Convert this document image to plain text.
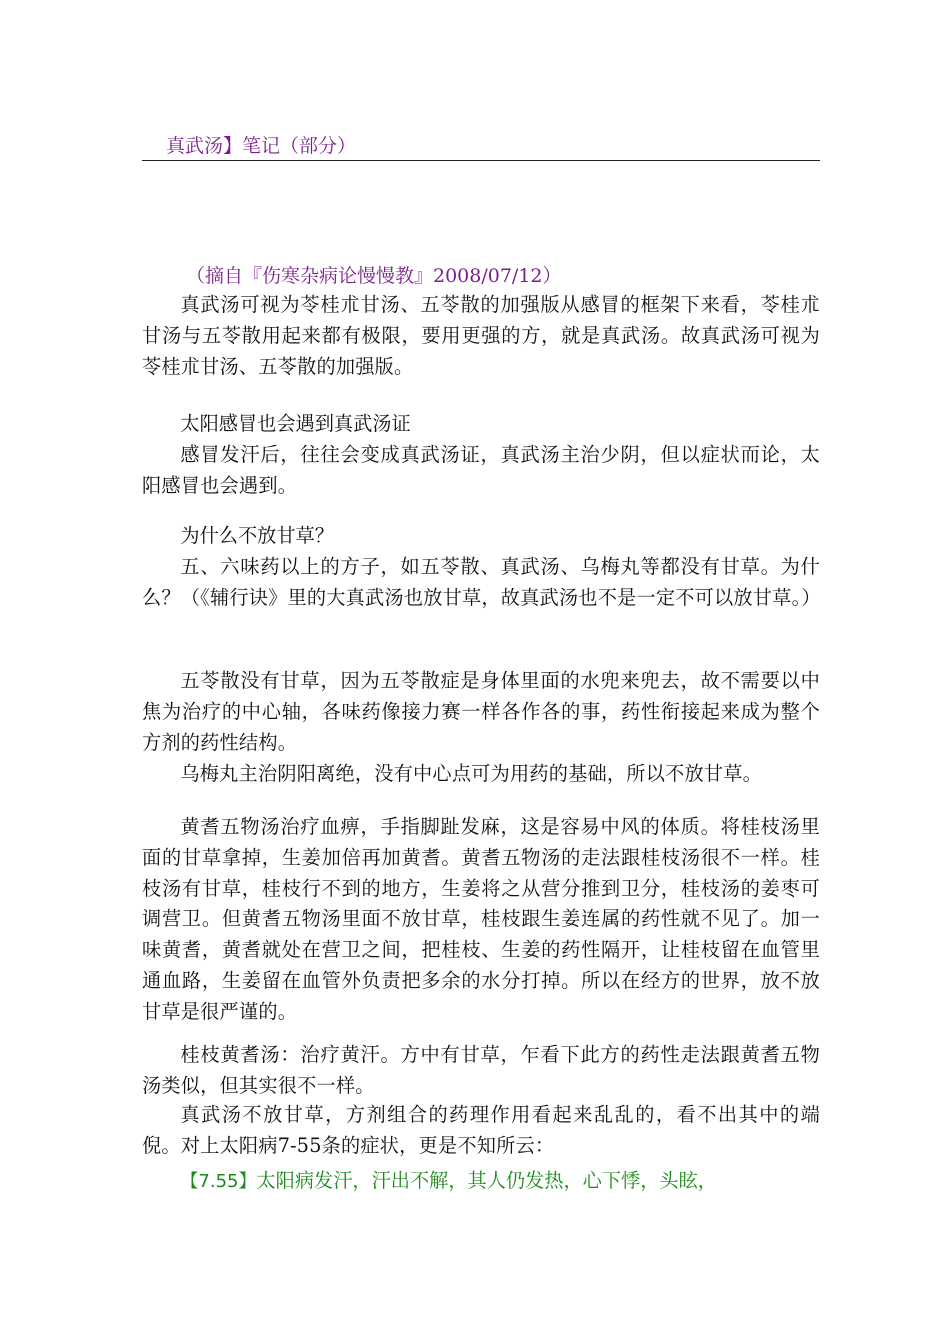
真武汤】笔记（部分）
（摘自『伤寒杂病论慢慢教』2008/07/12）

真武汤可视为苓桂朮甘汤、五苓散的加强版从感冒的框架下来看，苓桂朮甘汤与五苓散用起来都有极限，要用更强的方，就是真武汤。故真武汤可视为苓桂朮甘汤、五苓散的加强版。

太阳感冒也会遇到真武汤证

感冒发汗后，往往会变成真武汤证，真武汤主治少阴，但以症状而论，太阳感冒也会遇到。

为什么不放甘草？

五、六味药以上的方子，如五苓散、真武汤、乌梅丸等都没有甘草。为什么？（《辅行诀》里的大真武汤也放甘草，故真武汤也不是一定不可以放甘草。）

五苓散没有甘草，因为五苓散症是身体里面的水兜来兜去，故不需要以中焦为治疗的中心轴，各味药像接力赛一样各作各的事，药性衔接起来成为整个方剂的药性结构。

乌梅丸主治阴阳离绝，没有中心点可为用药的基础，所以不放甘草。

黄耆五物汤治疗血痹，手指脚趾发麻，这是容易中风的体质。将桂枝汤里面的甘草拿掉，生姜加倍再加黄耆。黄耆五物汤的走法跟桂枝汤很不一样。桂枝汤有甘草，桂枝行不到的地方，生姜将之从营分推到卫分，桂枝汤的姜枣可调营卫。但黄耆五物汤里面不放甘草，桂枝跟生姜连属的药性就不见了。加一味黄耆，黄耆就处在营卫之间，把桂枝、生姜的药性隔开，让桂枝留在血管里通血路，生姜留在血管外负责把多余的水分打掉。所以在经方的世界，放不放甘草是很严谨的。

桂枝黄耆汤：治疗黄汗。方中有甘草，乍看下此方的药性走法跟黄耆五物汤类似，但其实很不一样。

真武汤不放甘草，方剂组合的药理作用看起来乱乱的，看不出其中的端倪。对上太阳病7-55条的症状，更是不知所云：

【7.55】太阳病发汗，汗出不解，其人仍发热，心下悸，头眩，
